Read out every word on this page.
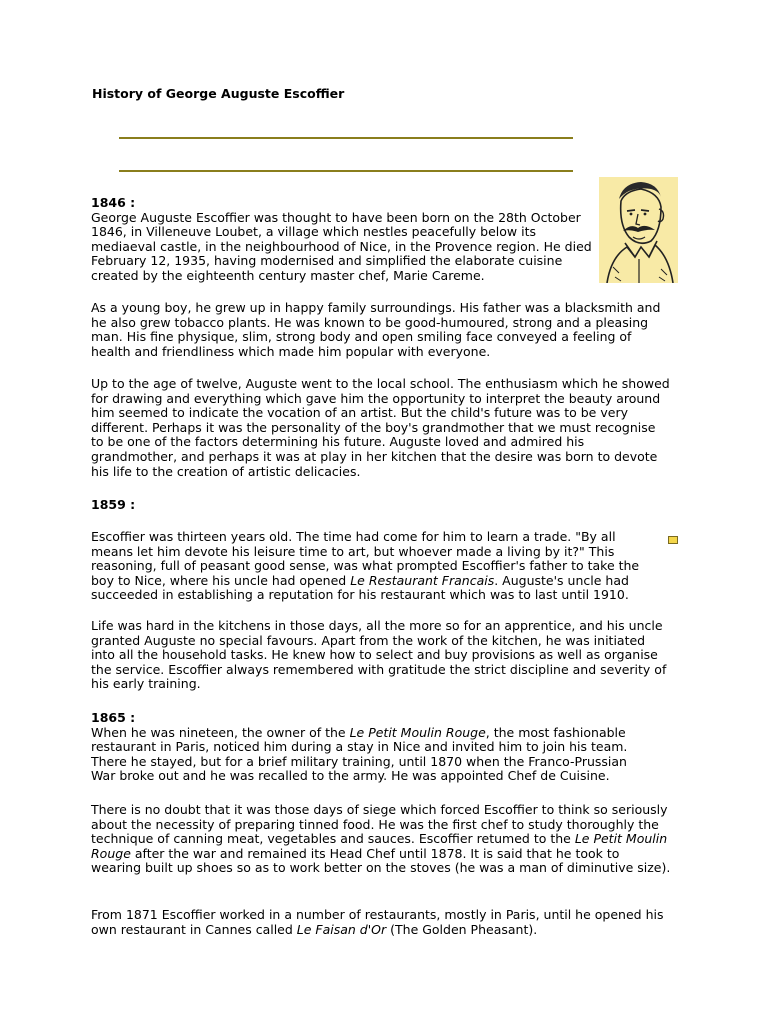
History of George Auguste Escoffier
1846 :
George Auguste Escoffier was thought to have been born on the 28th October 1846, in Villeneuve Loubet, a village which nestles peacefully below its mediaeval castle, in the neighbourhood of Nice, in the Provence region. He died February 12, 1935, having modernised and simplified the elaborate cuisine created by the eighteenth century master chef, Marie Careme.
As a young boy, he grew up in happy family surroundings. His father was a blacksmith and he also grew tobacco plants. He was known to be good-humoured, strong and a pleasing man. His fine physique, slim, strong body and open smiling face conveyed a feeling of health and friendliness which made him popular with everyone.
Up to the age of twelve, Auguste went to the local school. The enthusiasm which he showed for drawing and everything which gave him the opportunity to interpret the beauty around him seemed to indicate the vocation of an artist. But the child's future was to be very different. Perhaps it was the personality of the boy's grandmother that we must recognise to be one of the factors determining his future. Auguste loved and admired his grandmother, and perhaps it was at play in her kitchen that the desire was born to devote his life to the creation of artistic delicacies.
1859 :
Escoffier was thirteen years old. The time had come for him to learn a trade. "By all means let him devote his leisure time to art, but whoever made a living by it?" This reasoning, full of peasant good sense, was what prompted Escoffier's father to take the boy to Nice, where his uncle had opened Le Restaurant Francais. Auguste's uncle had succeeded in establishing a reputation for his restaurant which was to last until 1910.
Life was hard in the kitchens in those days, all the more so for an apprentice, and his uncle granted Auguste no special favours. Apart from the work of the kitchen, he was initiated into all the household tasks. He knew how to select and buy provisions as well as organise the service. Escoffier always remembered with gratitude the strict discipline and severity of his early training.
1865 :
When he was nineteen, the owner of the Le Petit Moulin Rouge, the most fashionable restaurant in Paris, noticed him during a stay in Nice and invited him to join his team. There he stayed, but for a brief military training, until 1870 when the Franco-Prussian War broke out and he was recalled to the army. He was appointed Chef de Cuisine.
There is no doubt that it was those days of siege which forced Escoffier to think so seriously about the necessity of preparing tinned food. He was the first chef to study thoroughly the technique of canning meat, vegetables and sauces. Escoffier retumed to the Le Petit Moulin Rouge after the war and remained its Head Chef until 1878. It is said that he took to wearing built up shoes so as to work better on the stoves (he was a man of diminutive size).
From 1871 Escoffier worked in a number of restaurants, mostly in Paris, until he opened his own restaurant in Cannes called Le Faisan d'Or (The Golden Pheasant).
